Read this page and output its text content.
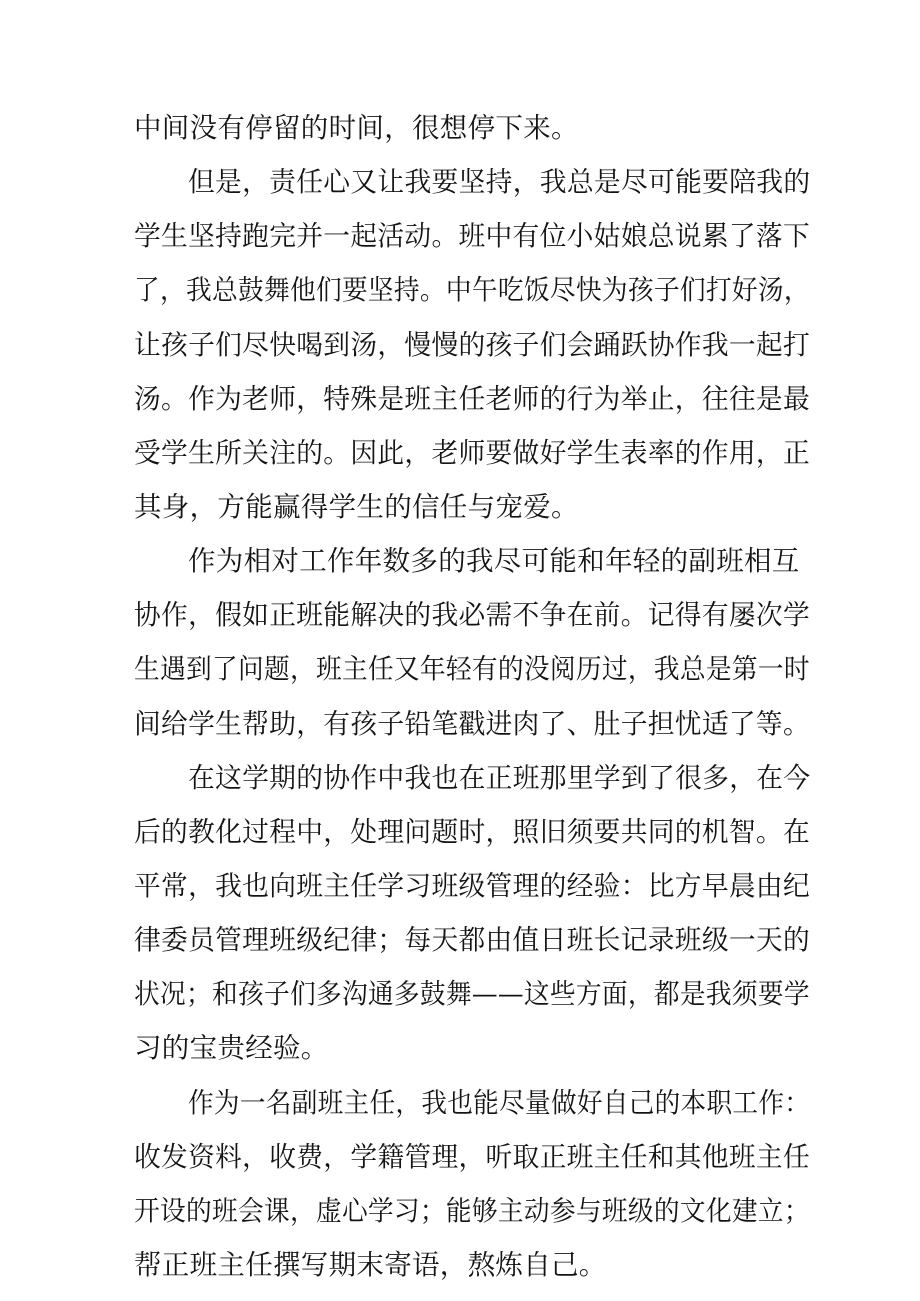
中间没有停留的时间，很想停下来。
但是，责任心又让我要坚持，我总是尽可能要陪我的
学生坚持跑完并一起活动。班中有位小姑娘总说累了落下
了，我总鼓舞他们要坚持。中午吃饭尽快为孩子们打好汤，
让孩子们尽快喝到汤，慢慢的孩子们会踊跃协作我一起打
汤。作为老师，特殊是班主任老师的行为举止，往往是最
受学生所关注的。因此，老师要做好学生表率的作用，正
其身，方能赢得学生的信任与宠爱。
作为相对工作年数多的我尽可能和年轻的副班相互
协作，假如正班能解决的我必需不争在前。记得有屡次学
生遇到了问题，班主任又年轻有的没阅历过，我总是第一时
间给学生帮助，有孩子铅笔戳进肉了、肚子担忧适了等。
在这学期的协作中我也在正班那里学到了很多，在今
后的教化过程中，处理问题时，照旧须要共同的机智。在
平常，我也向班主任学习班级管理的经验：比方早晨由纪
律委员管理班级纪律；每天都由值日班长记录班级一天的
状况；和孩子们多沟通多鼓舞——这些方面，都是我须要学
习的宝贵经验。
作为一名副班主任，我也能尽量做好自己的本职工作：
收发资料，收费，学籍管理，听取正班主任和其他班主任
开设的班会课，虚心学习；能够主动参与班级的文化建立；
帮正班主任撰写期末寄语，熬炼自己。
